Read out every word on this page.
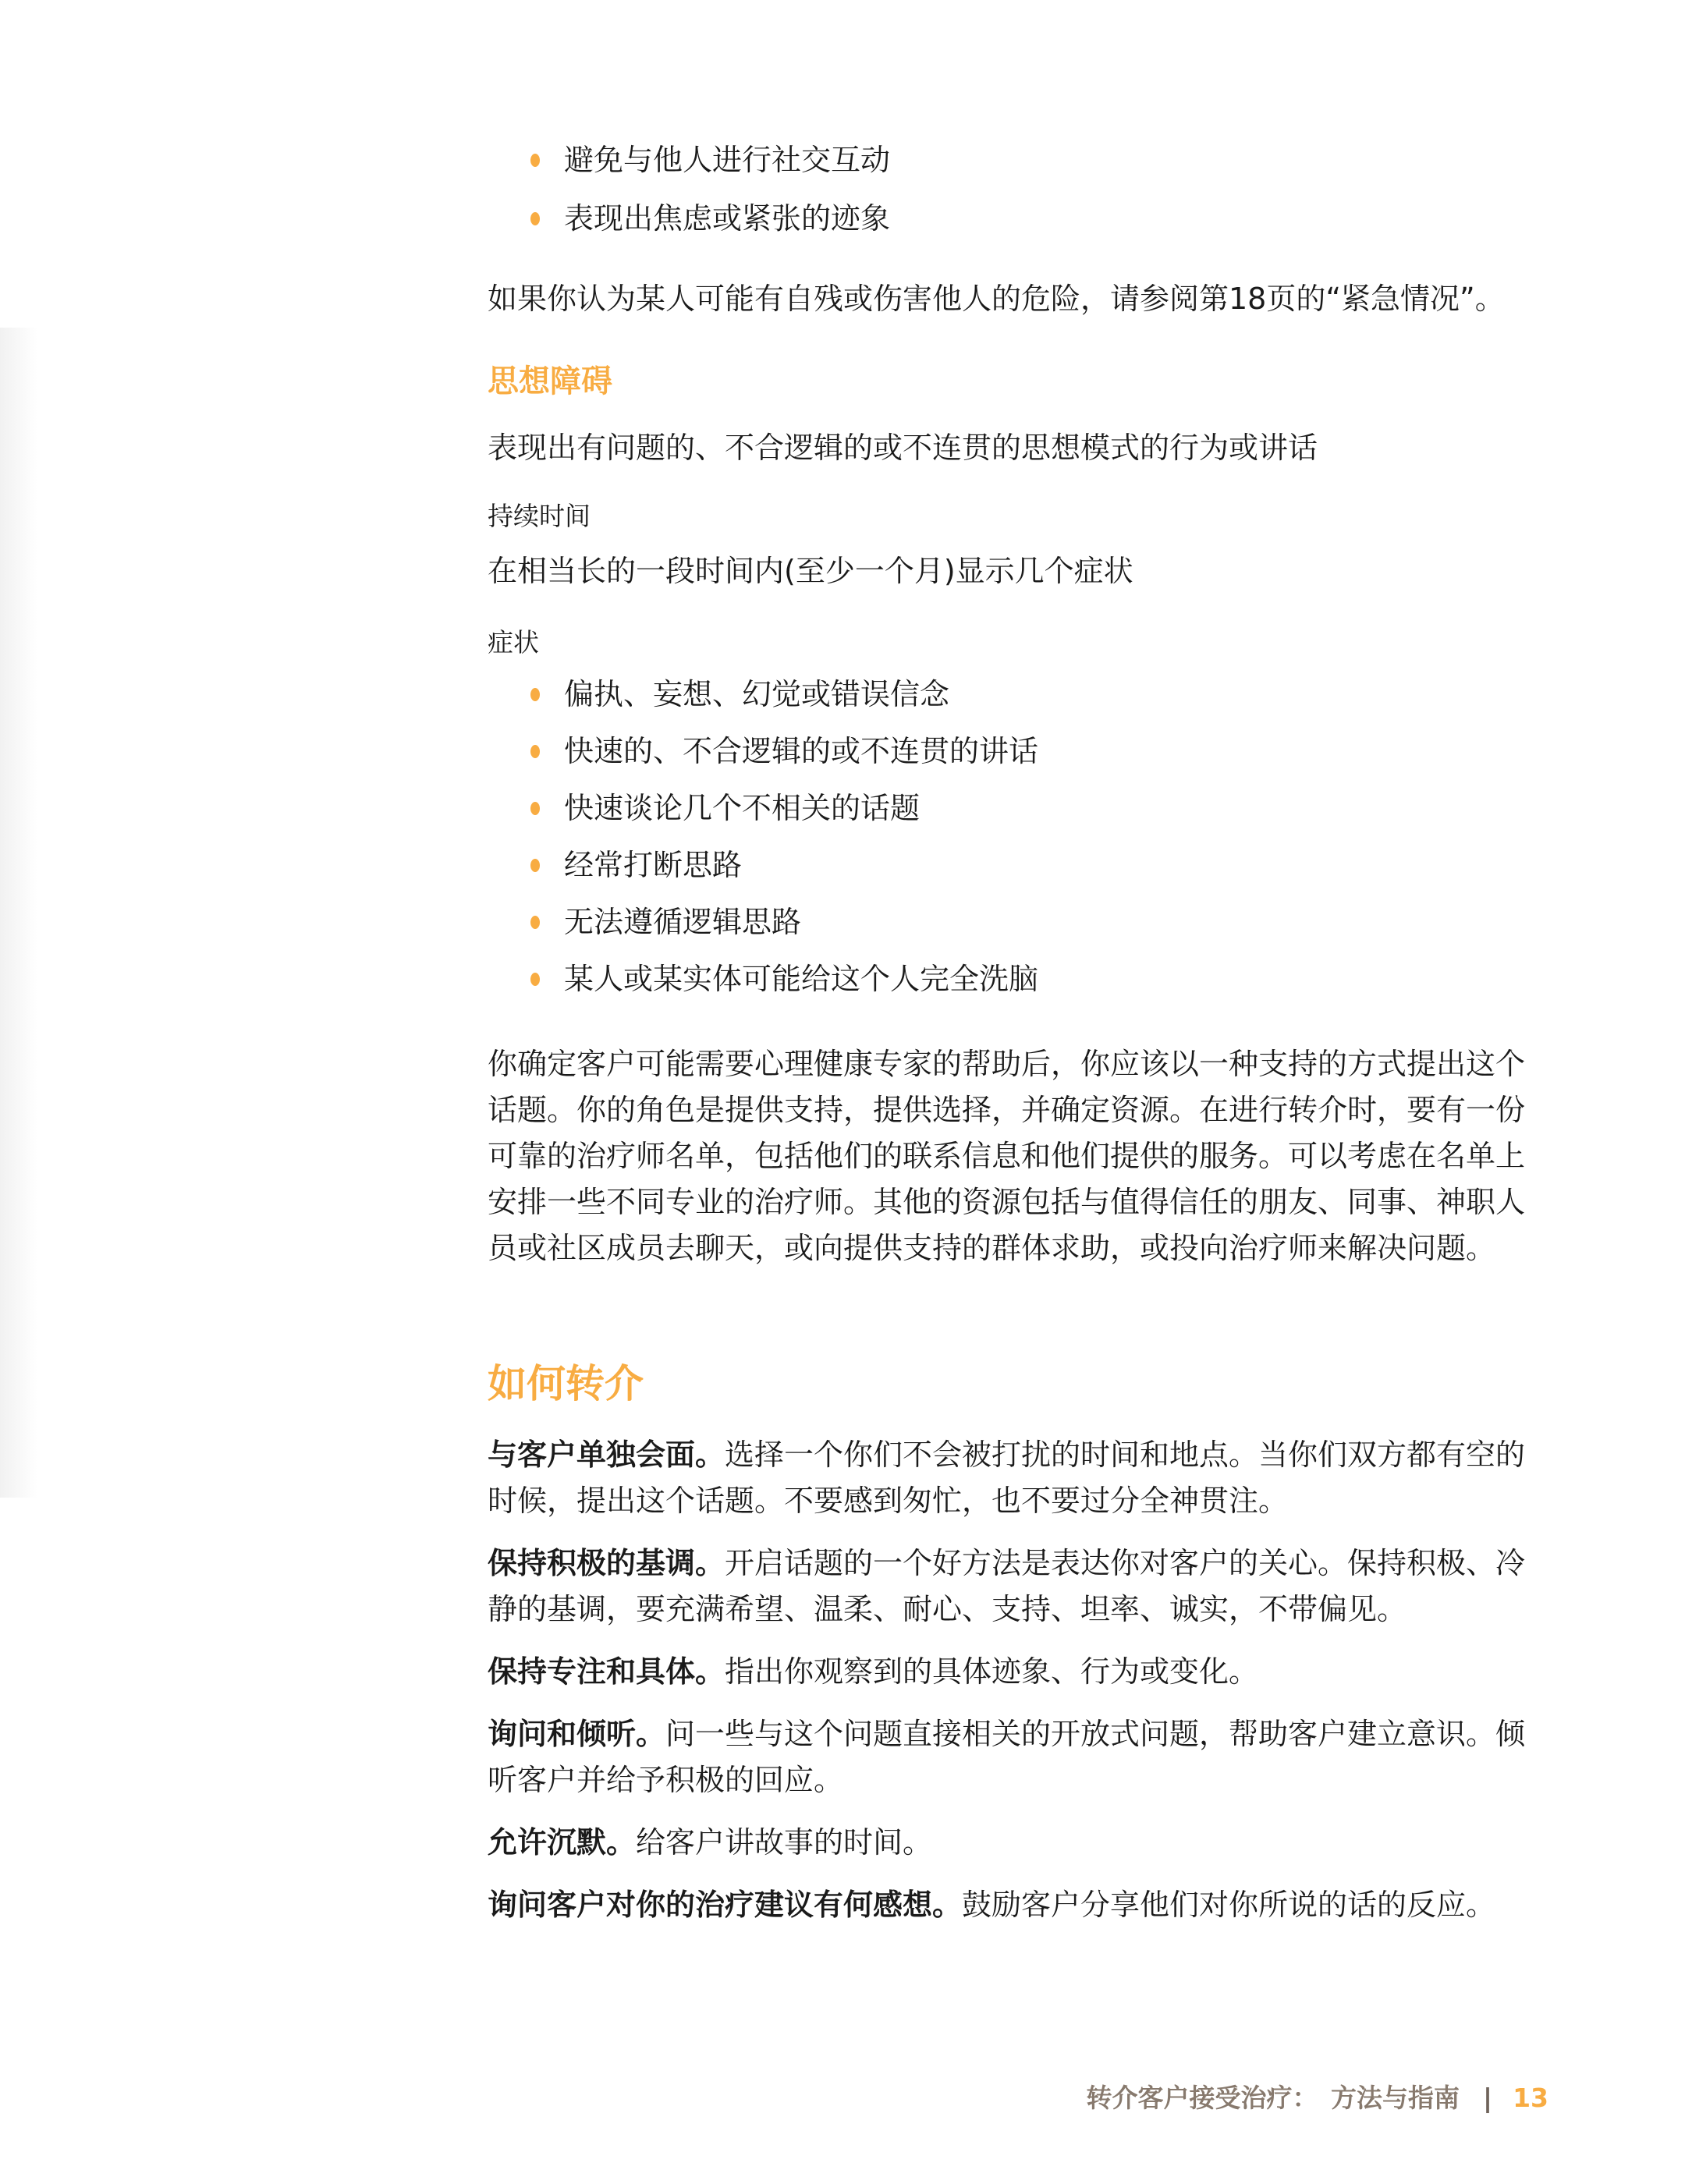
避免与他人进行社交互动
表现出焦虑或紧张的迹象

如果你认为某人可能有自残或伤害他人的危险，请参阅第18页的“紧急情况”。

思想障碍

表现出有问题的、不合逻辑的或不连贯的思想模式的行为或讲话

持续时间

在相当长的一段时间内(至少一个月)显示几个症状

症状

偏执、妄想、幻觉或错误信念
快速的、不合逻辑的或不连贯的讲话
快速谈论几个不相关的话题
经常打断思路
无法遵循逻辑思路
某人或某实体可能给这个人完全洗脑

你确定客户可能需要心理健康专家的帮助后，你应该以一种支持的方式提出这个话题。你的角色是提供支持，提供选择，并确定资源。在进行转介时，要有一份可靠的治疗师名单，包括他们的联系信息和他们提供的服务。可以考虑在名单上安排一些不同专业的治疗师。其他的资源包括与值得信任的朋友、同事、神职人员或社区成员去聊天，或向提供支持的群体求助，或投向治疗师来解决问题。

如何转介

与客户单独会面。选择一个你们不会被打扰的时间和地点。当你们双方都有空的时候，提出这个话题。不要感到匆忙，也不要过分全神贯注。

保持积极的基调。开启话题的一个好方法是表达你对客户的关心。保持积极、冷静的基调，要充满希望、温柔、耐心、支持、坦率、诚实，不带偏见。

保持专注和具体。指出你观察到的具体迹象、行为或变化。

询问和倾听。问一些与这个问题直接相关的开放式问题，帮助客户建立意识。倾听客户并给予积极的回应。

允许沉默。给客户讲故事的时间。

询问客户对你的治疗建议有何感想。鼓励客户分享他们对你所说的话的反应。

转介客户接受治疗：　方法与指南 | 13
